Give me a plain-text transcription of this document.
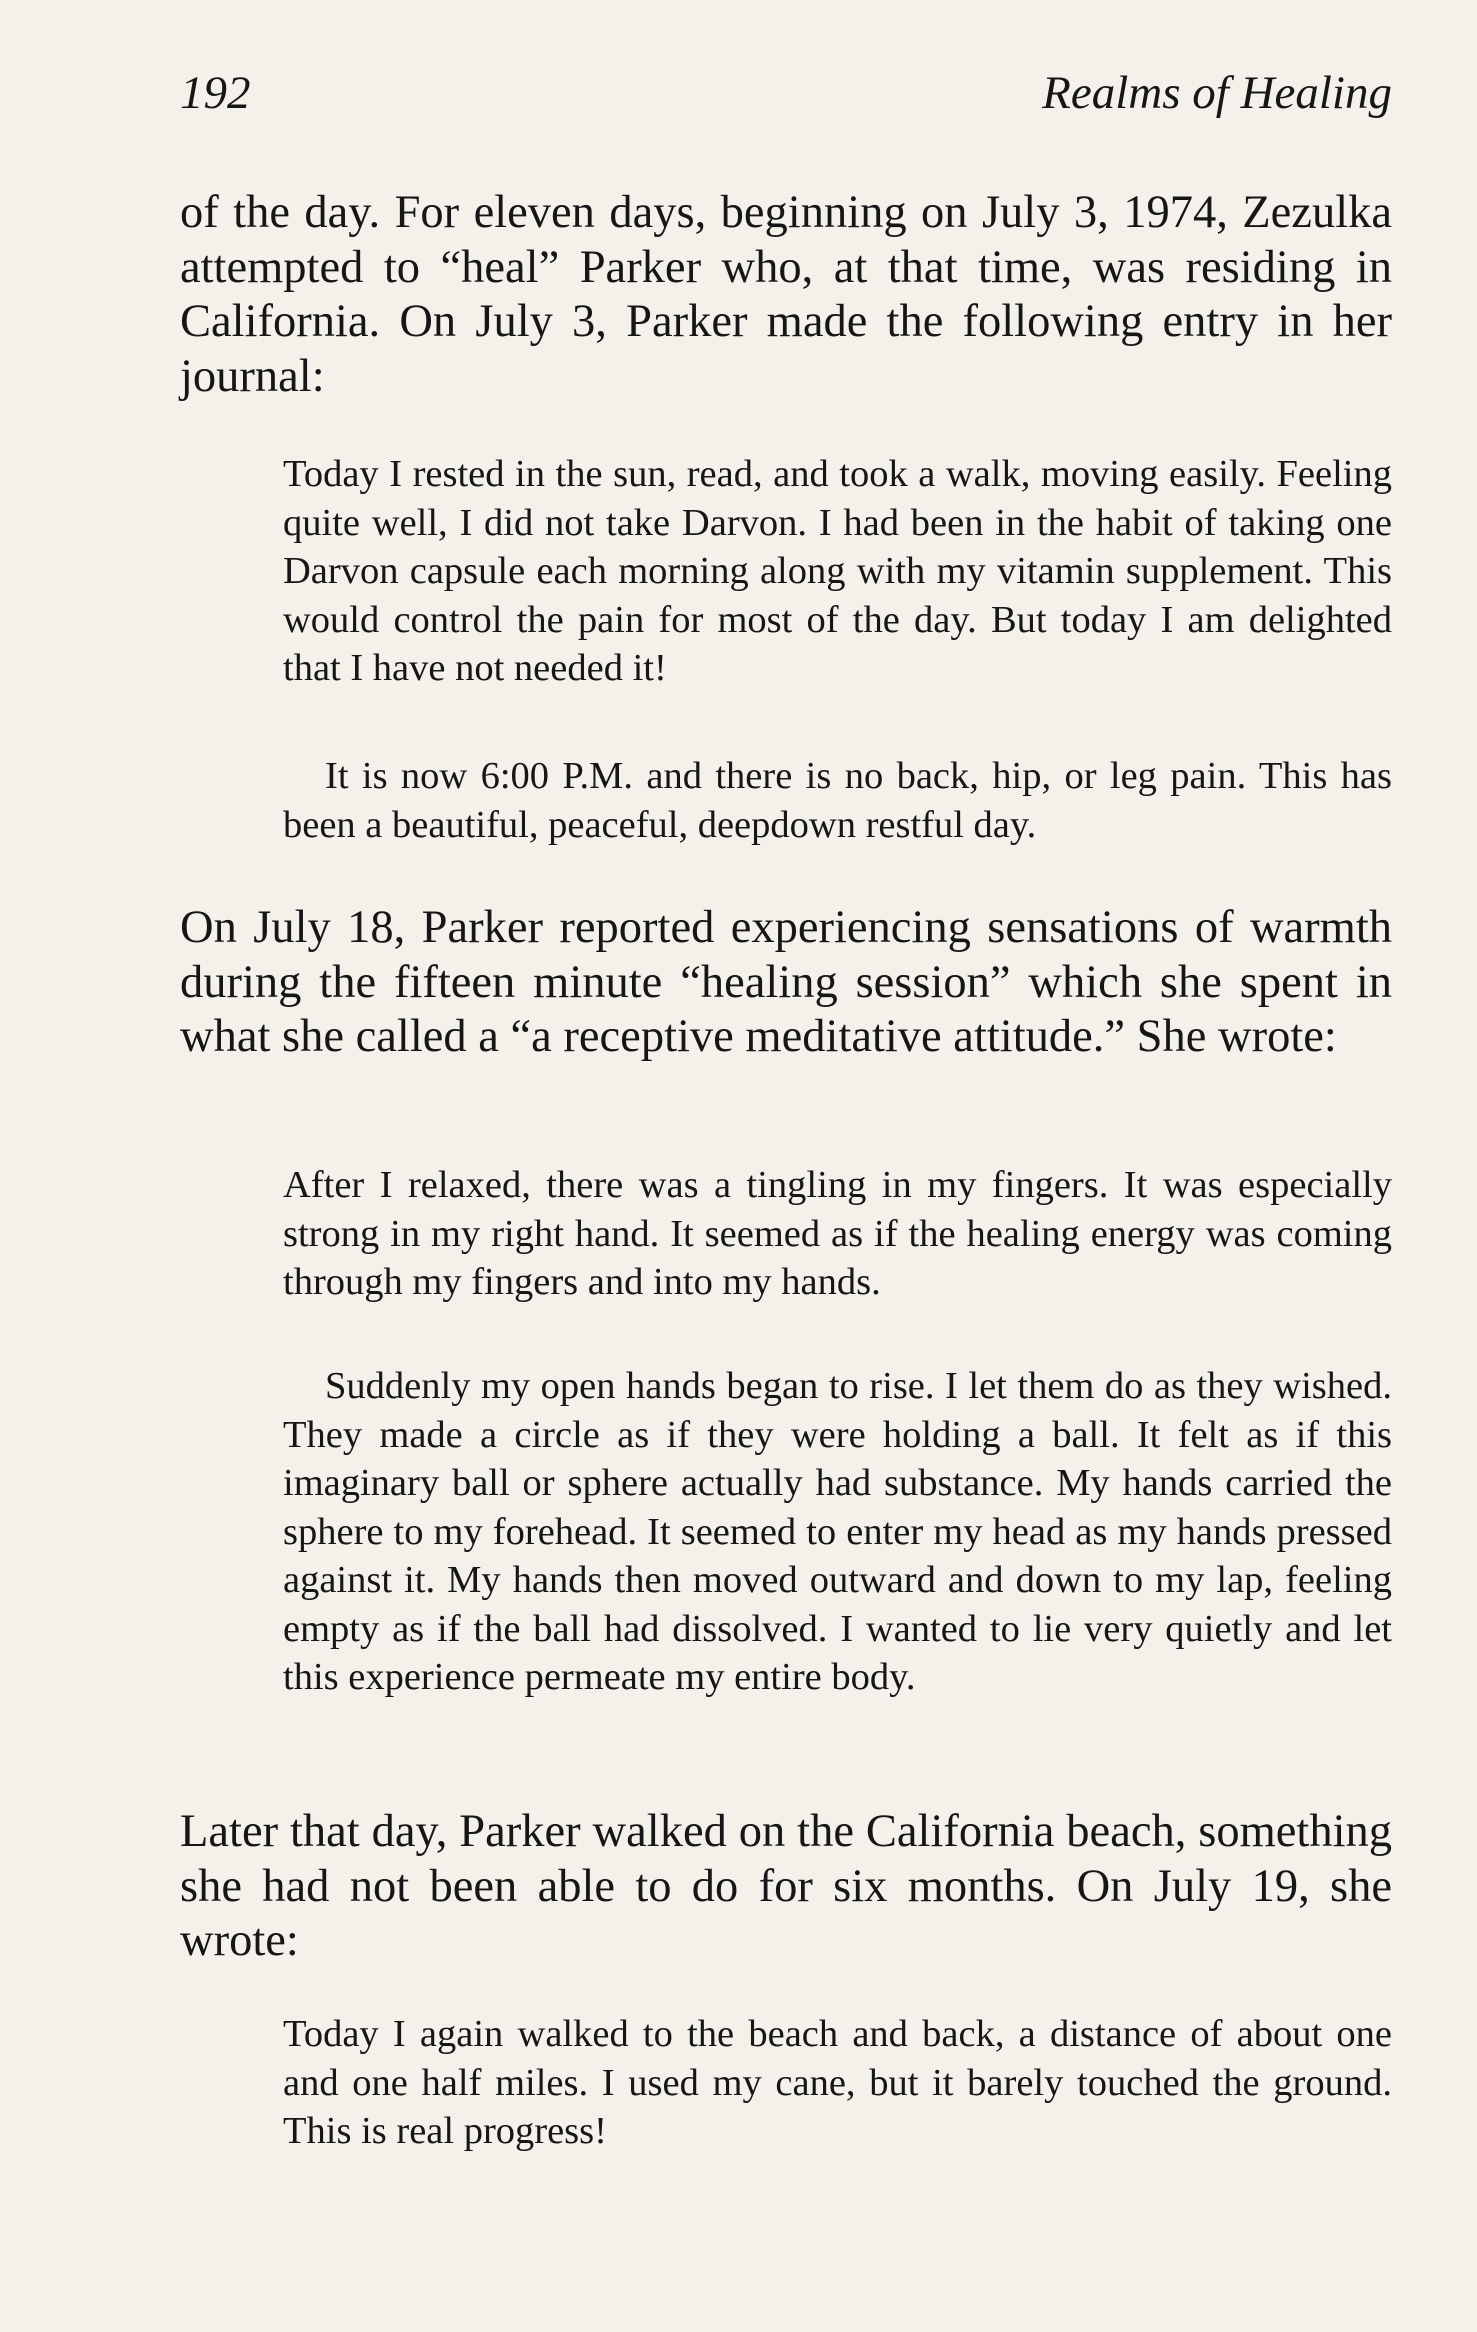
192	Realms of Healing

of the day. For eleven days, beginning on July 3, 1974, Zezulka attempted to “heal” Parker who, at that time, was residing in California. On July 3, Parker made the following entry in her journal:

Today I rested in the sun, read, and took a walk, moving easily. Feeling quite well, I did not take Darvon. I had been in the habit of taking one Darvon capsule each morning along with my vitamin supplement. This would control the pain for most of the day. But today I am delighted that I have not needed it!

It is now 6:00 P.M. and there is no back, hip, or leg pain. This has been a beautiful, peaceful, deepdown restful day.

On July 18, Parker reported experiencing sensations of warmth during the fifteen minute “healing session” which she spent in what she called a “a receptive meditative attitude.” She wrote:

After I relaxed, there was a tingling in my fingers. It was especially strong in my right hand. It seemed as if the healing energy was coming through my fingers and into my hands.

Suddenly my open hands began to rise. I let them do as they wished. They made a circle as if they were holding a ball. It felt as if this imaginary ball or sphere actually had substance. My hands carried the sphere to my forehead. It seemed to enter my head as my hands pressed against it. My hands then moved outward and down to my lap, feeling empty as if the ball had dissolved. I wanted to lie very quietly and let this experience permeate my entire body.

Later that day, Parker walked on the California beach, something she had not been able to do for six months. On July 19, she wrote:

Today I again walked to the beach and back, a distance of about one and one half miles. I used my cane, but it barely touched the ground. This is real progress!
